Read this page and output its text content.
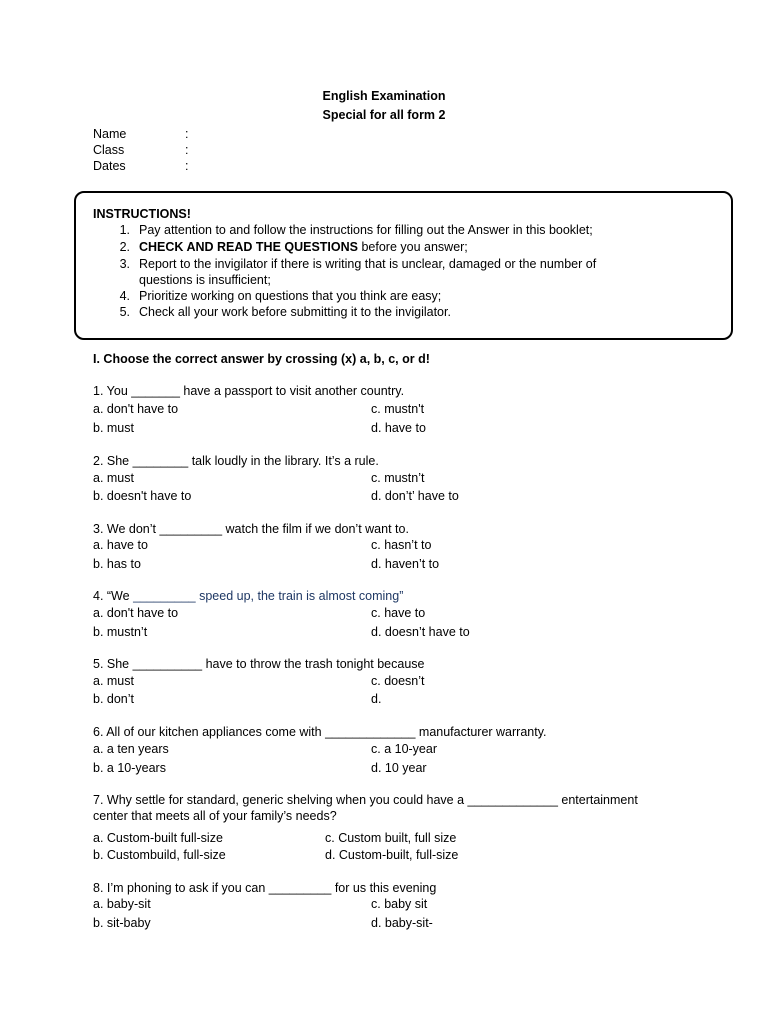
English Examination
Special for all form 2
Name	:
Class	:
Dates	:
INSTRUCTIONS!
1. Pay attention to and follow the instructions for filling out the Answer in this booklet;
2. CHECK AND READ THE QUESTIONS before you answer;
3. Report to the invigilator if there is writing that is unclear, damaged or the number of
questions is insufficient;
4. Prioritize working on questions that you think are easy;
5. Check all your work before submitting it to the invigilator.
I. Choose the correct answer by crossing (x) a, b, c, or d!
1. You _______ have a passport to visit another country.
a. don't have to	c. mustn't
b. must	d. have to
2. She ________ talk loudly in the library. It’s a rule.
a. must	c. mustn’t
b. doesn't have to	d. don’t’ have to
3. We don’t _________ watch the film if we don’t want to.
a. have to	c. hasn’t to
b. has to	d. haven’t to
4. “We _________ speed up, the train is almost coming”
a. don't have to	c. have to
b. mustn’t	d. doesn’t have to
5. She __________ have to throw the trash tonight because
a. must	c. doesn’t
b. don’t	d.
6. All of our kitchen appliances come with _____________ manufacturer warranty.
a. a ten years	c. a 10-year
b. a 10-years	d. 10 year
7. Why settle for standard, generic shelving when you could have a _____________ entertainment
center that meets all of your family’s needs?
a. Custom-built full-size	c. Custom built, full size
b. Custombuild, full-size	d. Custom-built, full-size
8. I’m phoning to ask if you can _________ for us this evening
a. baby-sit	c. baby sit
b. sit-baby	d. baby-sit-
